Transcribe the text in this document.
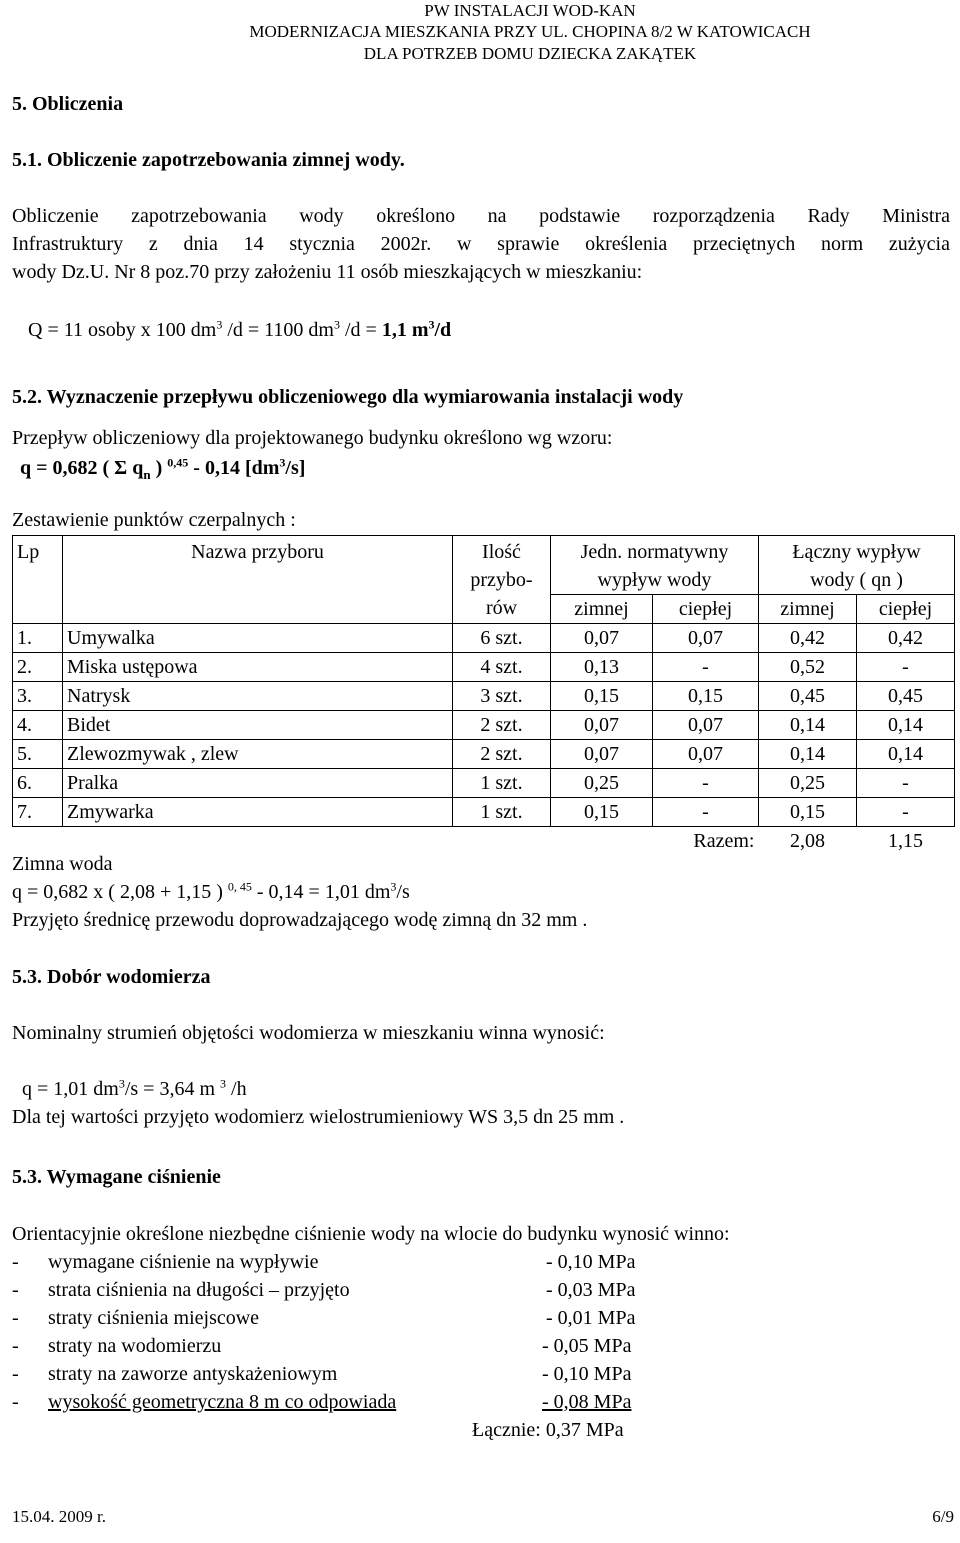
PW INSTALACJI WOD-KAN
MODERNIZACJA MIESZKANIA PRZY UL. CHOPINA 8/2 W KATOWICACH
DLA POTRZEB DOMU DZIECKA ZAKĄTEK
5. Obliczenia
5.1. Obliczenie zapotrzebowania zimnej wody.
Obliczenie zapotrzebowania wody określono na podstawie rozporządzenia Rady Ministra
Infrastruktury z dnia 14 stycznia 2002r. w sprawie określenia przeciętnych norm zużycia
wody Dz.U. Nr 8 poz.70 przy założeniu 11 osób mieszkających w mieszkaniu:
Q = 11 osoby x 100 $dm^3$ /d = 1100 $dm^3$ /d = 1,1 $m^3/d$
5.2. Wyznaczenie przepływu obliczeniowego dla wymiarowania instalacji wody
Przepływ obliczeniowy dla projektowanego budynku określono wg wzoru:
q = 0,682 ( Σ $q_n$ ) $^{0,45}$ - 0,14 $[dm^3/s]$
Zestawienie punktów czerpalnych :
Lp	Nazwa przyboru	Ilość
przybo-
rów	Jedn. normatywny
wypływ wody		Łączny wypływ
wody ( qn )	
			zimnej	ciepłej	zimnej	ciepłej
1.	Umywalka	6 szt.	0,07	0,07	0,42	0,42
2.	Miska ustępowa	4 szt.	0,13	-	0,52	-
3.	Natrysk	3 szt.	0,15	0,15	0,45	0,45
4.	Bidet	2 szt.	0,07	0,07	0,14	0,14
5.	Zlewozmywak , zlew	2 szt.	0,07	0,07	0,14	0,14
6.	Pralka	1 szt.	0,25	-	0,25	-
7.	Zmywarka	1 szt.	0,15	-	0,15	-
				Razem:	2,08	1,15
Zimna woda
q = 0,682 x ( 2,08 + 1,15 ) $^{0, 45}$ - 0,14 = 1,01 $dm^3/s$
Przyjęto średnicę przewodu doprowadzającego wodę zimną dn 32 mm .
5.3. Dobór wodomierza
Nominalny strumień objętości wodomierza w mieszkaniu winna wynosić:
q = 1,01 $dm^3/s = 3,64$ m $^3$ /h
Dla tej wartości przyjęto wodomierz wielostrumieniowy WS 3,5 dn 25 mm .
5.3. Wymagane ciśnienie
Orientacyjnie określone niezbędne ciśnienie wody na wlocie do budynku wynosić winno:
- wymagane ciśnienie na wypływie	- 0,10 MPa
- strata ciśnienia na długości – przyjęto	- 0,03 MPa
- straty ciśnienia miejscowe	- 0,01 MPa
- straty na wodomierzu	- 0,05 MPa
- straty na zaworze antyskażeniowym	- 0,10 MPa
- wysokość geometryczna 8 m co odpowiada	- 0,08 MPa
Łącznie: 0,37 MPa
15.04. 2009 r.	6/9
